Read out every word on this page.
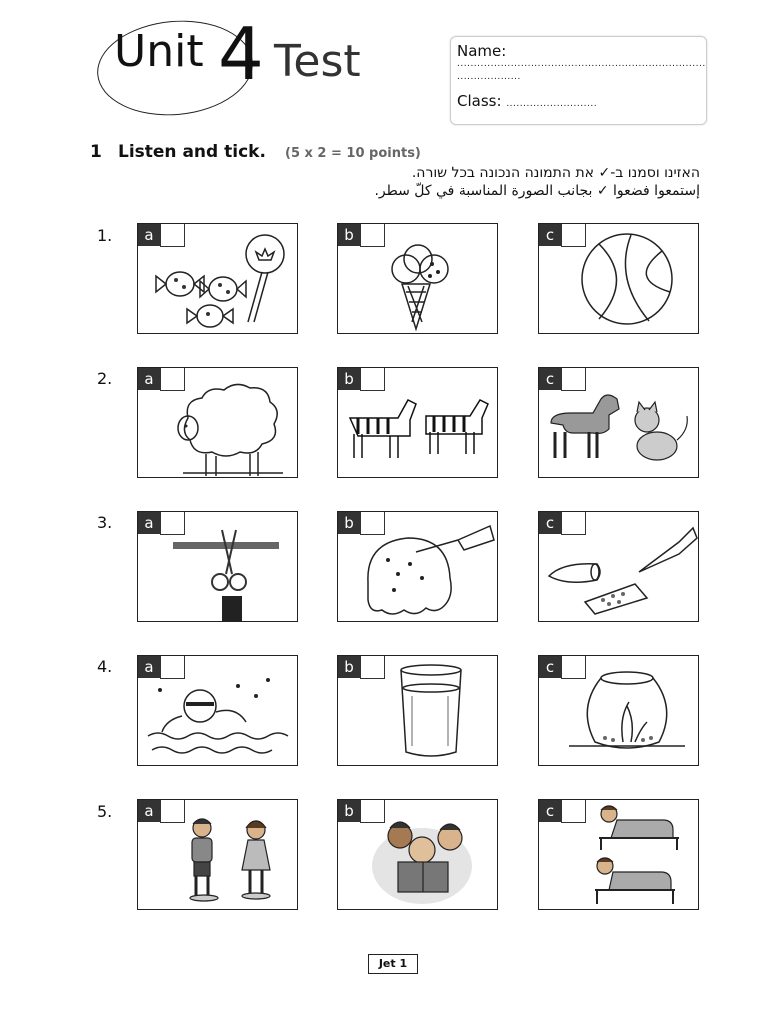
Unit 4 Test	Name:
..........................................................................
...................
Class: ...........................
1 Listen and tick. (5 x 2 = 10 points)
האזינו וסמנו ב-✓ את התמונה הנכונה בכל שורה.
إستمعوا فضعوا ✓ بجانب الصورة المناسبة في كلّ سطر.
1.
2.
3.
4.
5.
a	b	c
a	b	c
a	b	c
a	b	c
a	b	c
Jet 1
